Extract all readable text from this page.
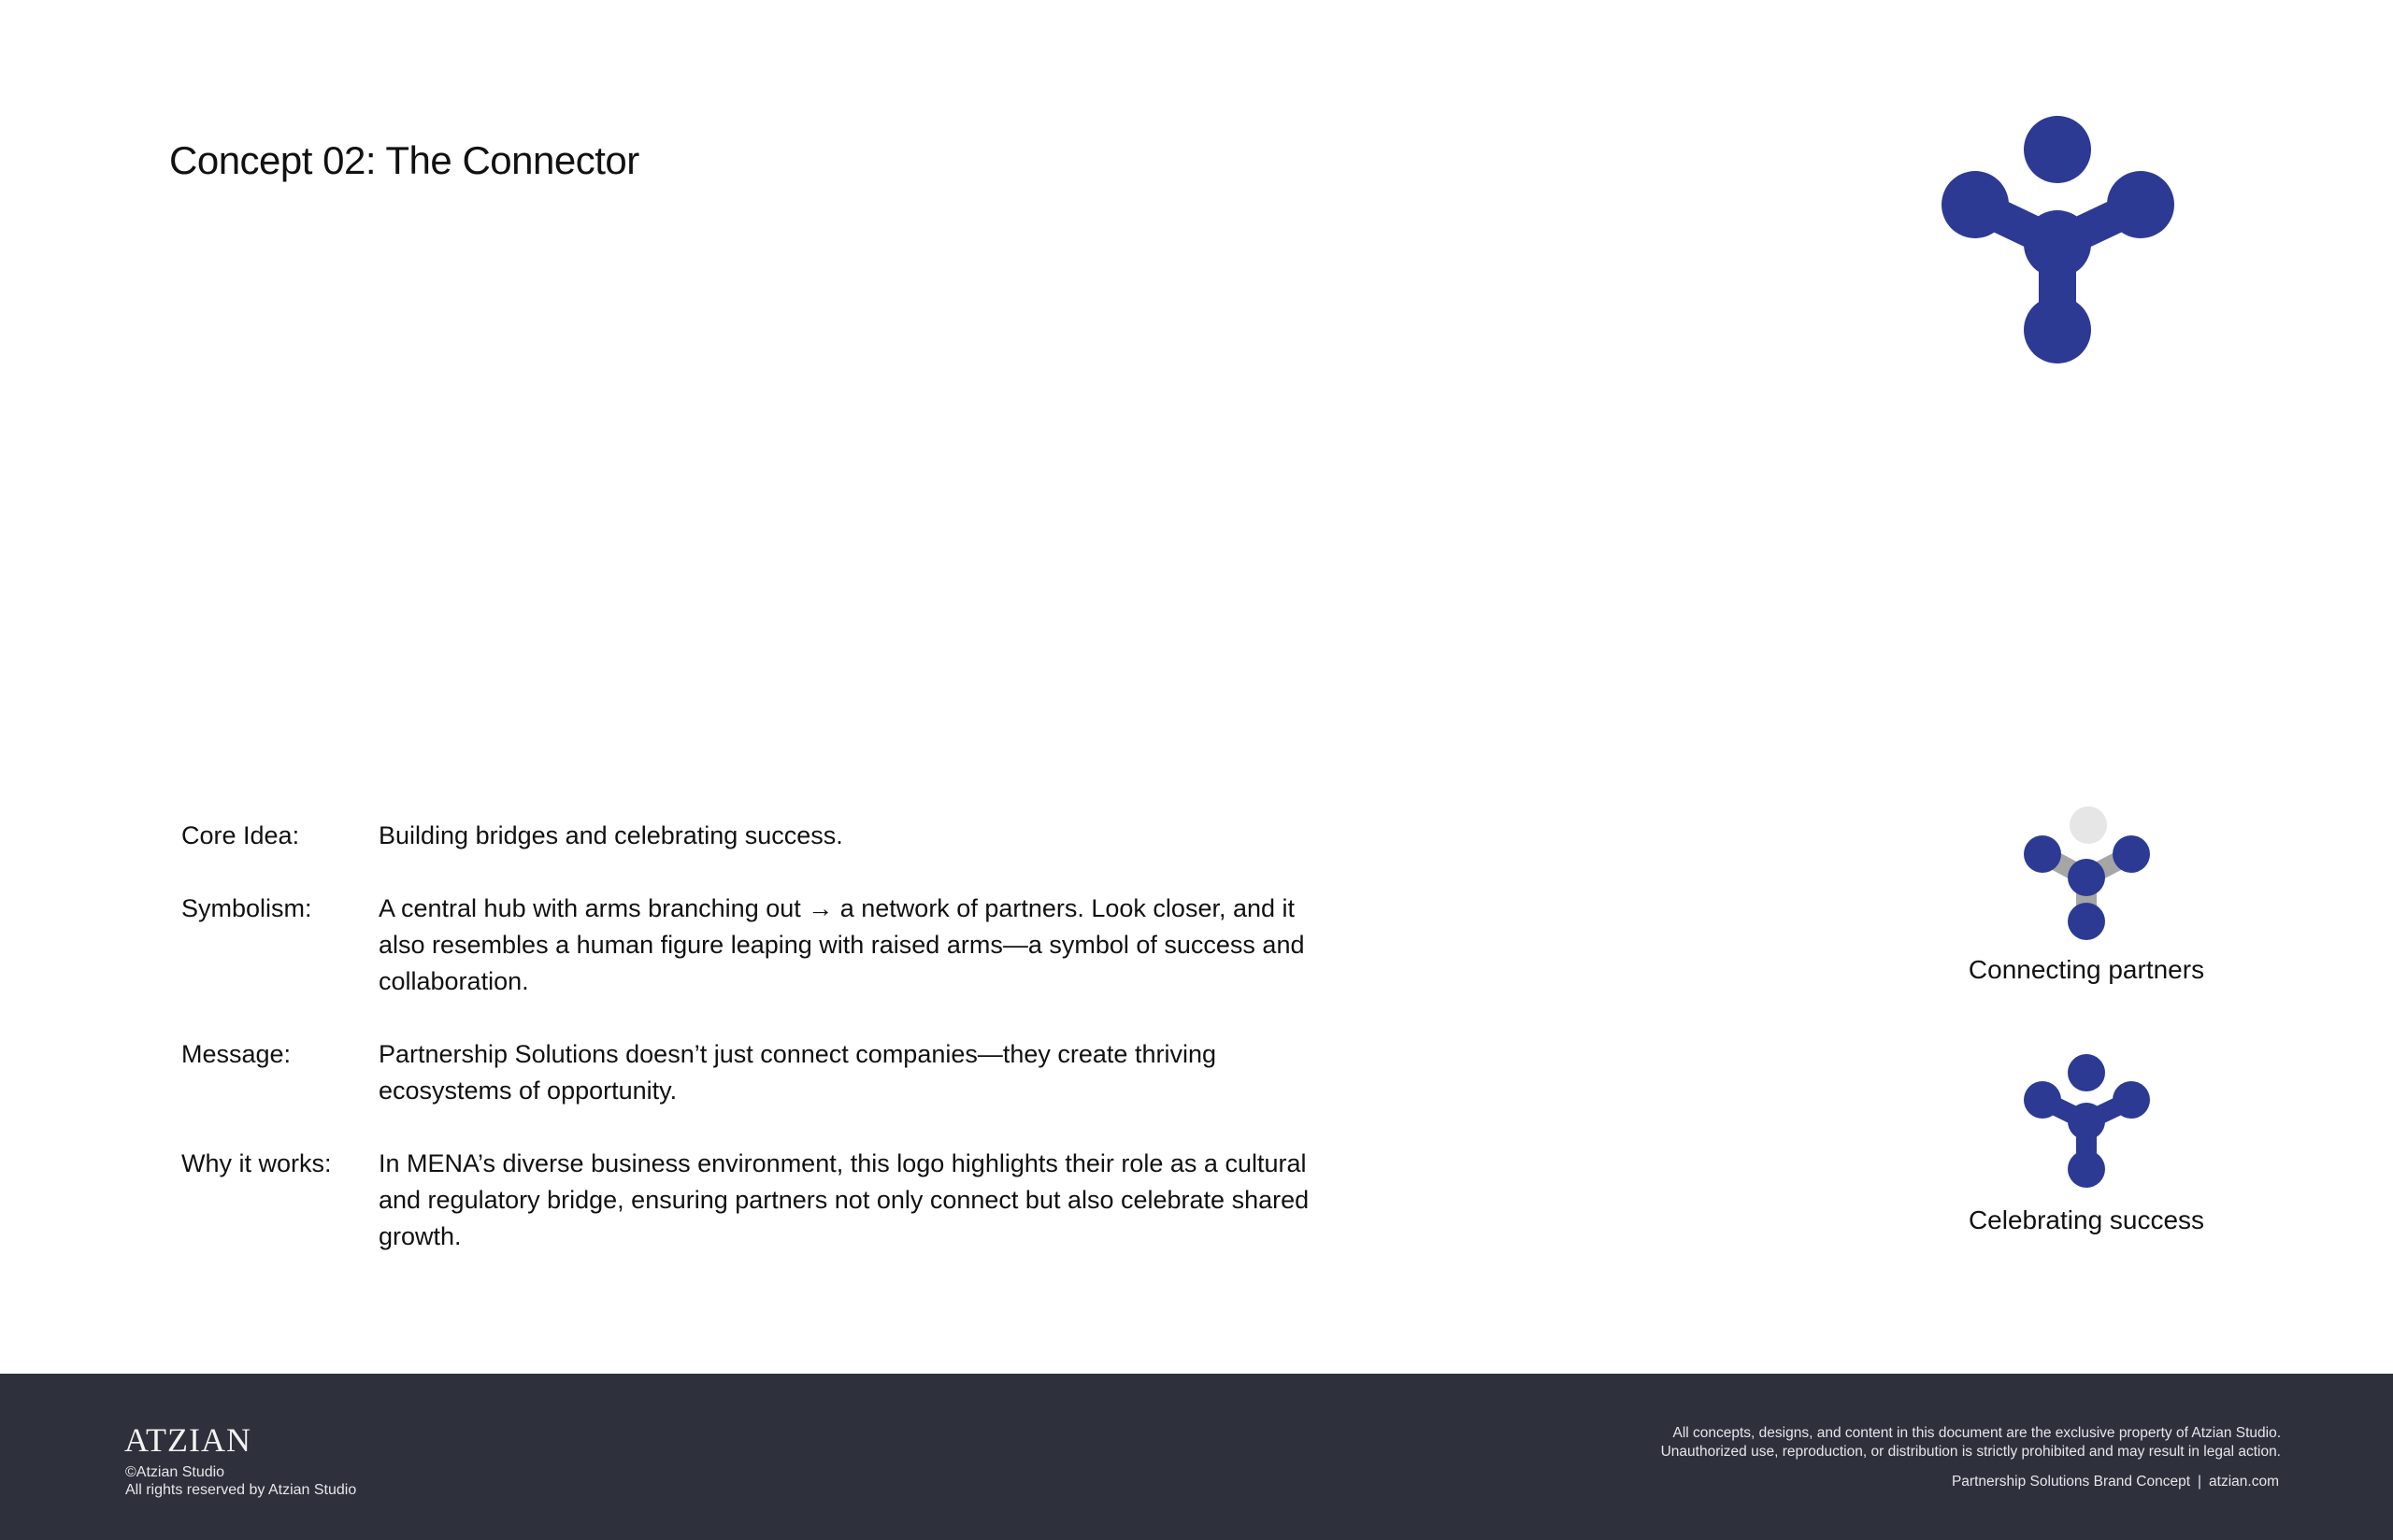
Concept 02: The Connector
Core Idea:	Building bridges and celebrating success.
Symbolism:	A central hub with arms branching out → a network of partners. Look closer, and it also resembles a human figure leaping with raised arms—a symbol of success and collaboration.
Message:	Partnership Solutions doesn’t just connect companies—they create thriving ecosystems of opportunity.
Why it works:	In MENA’s diverse business environment, this logo highlights their role as a cultural and regulatory bridge, ensuring partners not only connect but also celebrate shared growth.
Connecting partners
Celebrating success
ATZIAN
©Atzian Studio
All rights reserved by Atzian Studio
All concepts, designs, and content in this document are the exclusive property of Atzian Studio.
Unauthorized use, reproduction, or distribution is strictly prohibited and may result in legal action.
Partnership Solutions Brand Concept | atzian.com
